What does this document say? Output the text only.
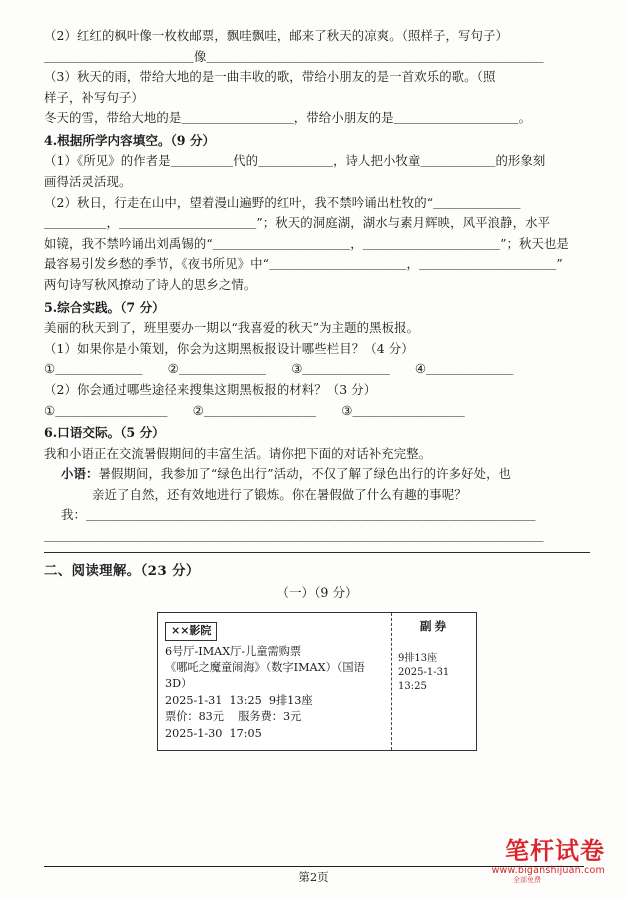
（2）红红的枫叶像一枚枚邮票，飘哇飘哇，邮来了秋天的凉爽。（照样子，写句子）
＿＿＿＿＿＿＿＿＿＿＿＿像＿＿＿＿＿＿＿＿＿＿＿＿＿＿＿＿＿＿＿＿＿＿＿＿＿＿＿
（3）秋天的雨，带给大地的是一曲丰收的歌，带给小朋友的是一首欢乐的歌。（照
样子，补写句子）
冬天的雪，带给大地的是＿＿＿＿＿＿＿＿＿，带给小朋友的是＿＿＿＿＿＿＿＿＿＿。
4.根据所学内容填空。（9 分）
（1）《所见》的作者是＿＿＿＿＿代的＿＿＿＿＿＿，诗人把小牧童＿＿＿＿＿＿的形象刻
画得活灵活现。
（2）秋日，行走在山中，望着漫山遍野的红叶，我不禁吟诵出杜牧的“＿＿＿＿＿＿＿
＿＿＿＿＿，＿＿＿＿＿＿＿＿＿＿＿”；秋天的洞庭湖，湖水与素月辉映，风平浪静，水平
如镜，我不禁吟诵出刘禹锡的“＿＿＿＿＿＿＿＿＿＿＿，＿＿＿＿＿＿＿＿＿＿＿”；秋天也是
最容易引发乡愁的季节，《夜书所见》中“＿＿＿＿＿＿＿＿＿＿＿，＿＿＿＿＿＿＿＿＿＿＿”
两句诗写秋风撩动了诗人的思乡之情。
5.综合实践。（7 分）
美丽的秋天到了，班里要办一期以“我喜爱的秋天”为主题的黑板报。
（1）如果你是小策划，你会为这期黑板报设计哪些栏目？（4 分）
①＿＿＿＿＿＿＿　　②＿＿＿＿＿＿＿　　③＿＿＿＿＿＿＿　　④＿＿＿＿＿＿＿
（2）你会通过哪些途径来搜集这期黑板报的材料？（3 分）
①＿＿＿＿＿＿＿＿＿　　②＿＿＿＿＿＿＿＿＿　　③＿＿＿＿＿＿＿＿＿
6.口语交际。（5 分）
我和小语正在交流暑假期间的丰富生活。请你把下面的对话补充完整。
小语：暑假期间，我参加了“绿色出行”活动，不仅了解了绿色出行的许多好处，也
亲近了自然，还有效地进行了锻炼。你在暑假做了什么有趣的事呢？
我：＿＿＿＿＿＿＿＿＿＿＿＿＿＿＿＿＿＿＿＿＿＿＿＿＿＿＿＿＿＿＿＿＿＿＿＿
＿＿＿＿＿＿＿＿＿＿＿＿＿＿＿＿＿＿＿＿＿＿＿＿＿＿＿＿＿＿＿＿＿＿＿＿＿＿＿＿
二、阅读理解。（23 分）
（一）（9 分）
××影院
6号厅-IMAX厅-儿童需购票
《哪吒之魔童闹海》（数字IMAX）（国语3D）
2025-1-31  13:25  9排13座
票价：83元    服务费：3元
2025-1-30  17:05
副券
9排13座
2025-1-31
13:25
第2页	全部免费
笔杆试卷
www.biganshijuan.com
